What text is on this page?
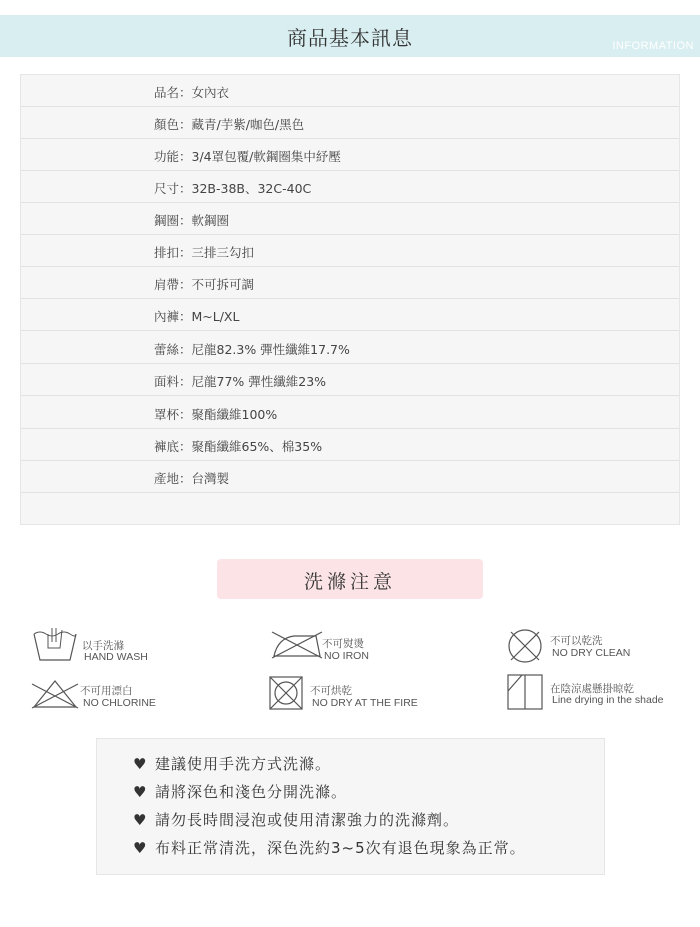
商品基本訊息	INFORMATION
品名：女內衣
顏色：藏青/芋紫/咖色/黑色
功能：3/4罩包覆/軟鋼圈集中紓壓
尺寸：32B-38B、32C-40C
鋼圈：軟鋼圈
排扣：三排三勾扣
肩帶：不可拆可調
內褲：M~L/XL
蕾絲：尼龍82.3% 彈性纖維17.7%
面料：尼龍77% 彈性纖維23%
罩杯：聚酯纖維100%
褲底：聚酯纖維65%、棉35%
產地：台灣製
洗滌注意
以手洗滌
HAND WASH
不可熨燙
NO IRON
不可以乾洗
NO DRY CLEAN
不可用漂白
NO CHLORINE
不可烘乾
NO DRY AT THE FIRE
在陰涼處懸掛晾乾
Line drying in the shade
♥ 建議使用手洗方式洗滌。
♥ 請將深色和淺色分開洗滌。
♥ 請勿長時間浸泡或使用清潔強力的洗滌劑。
♥ 布料正常清洗，深色洗約3~5次有退色現象為正常。
